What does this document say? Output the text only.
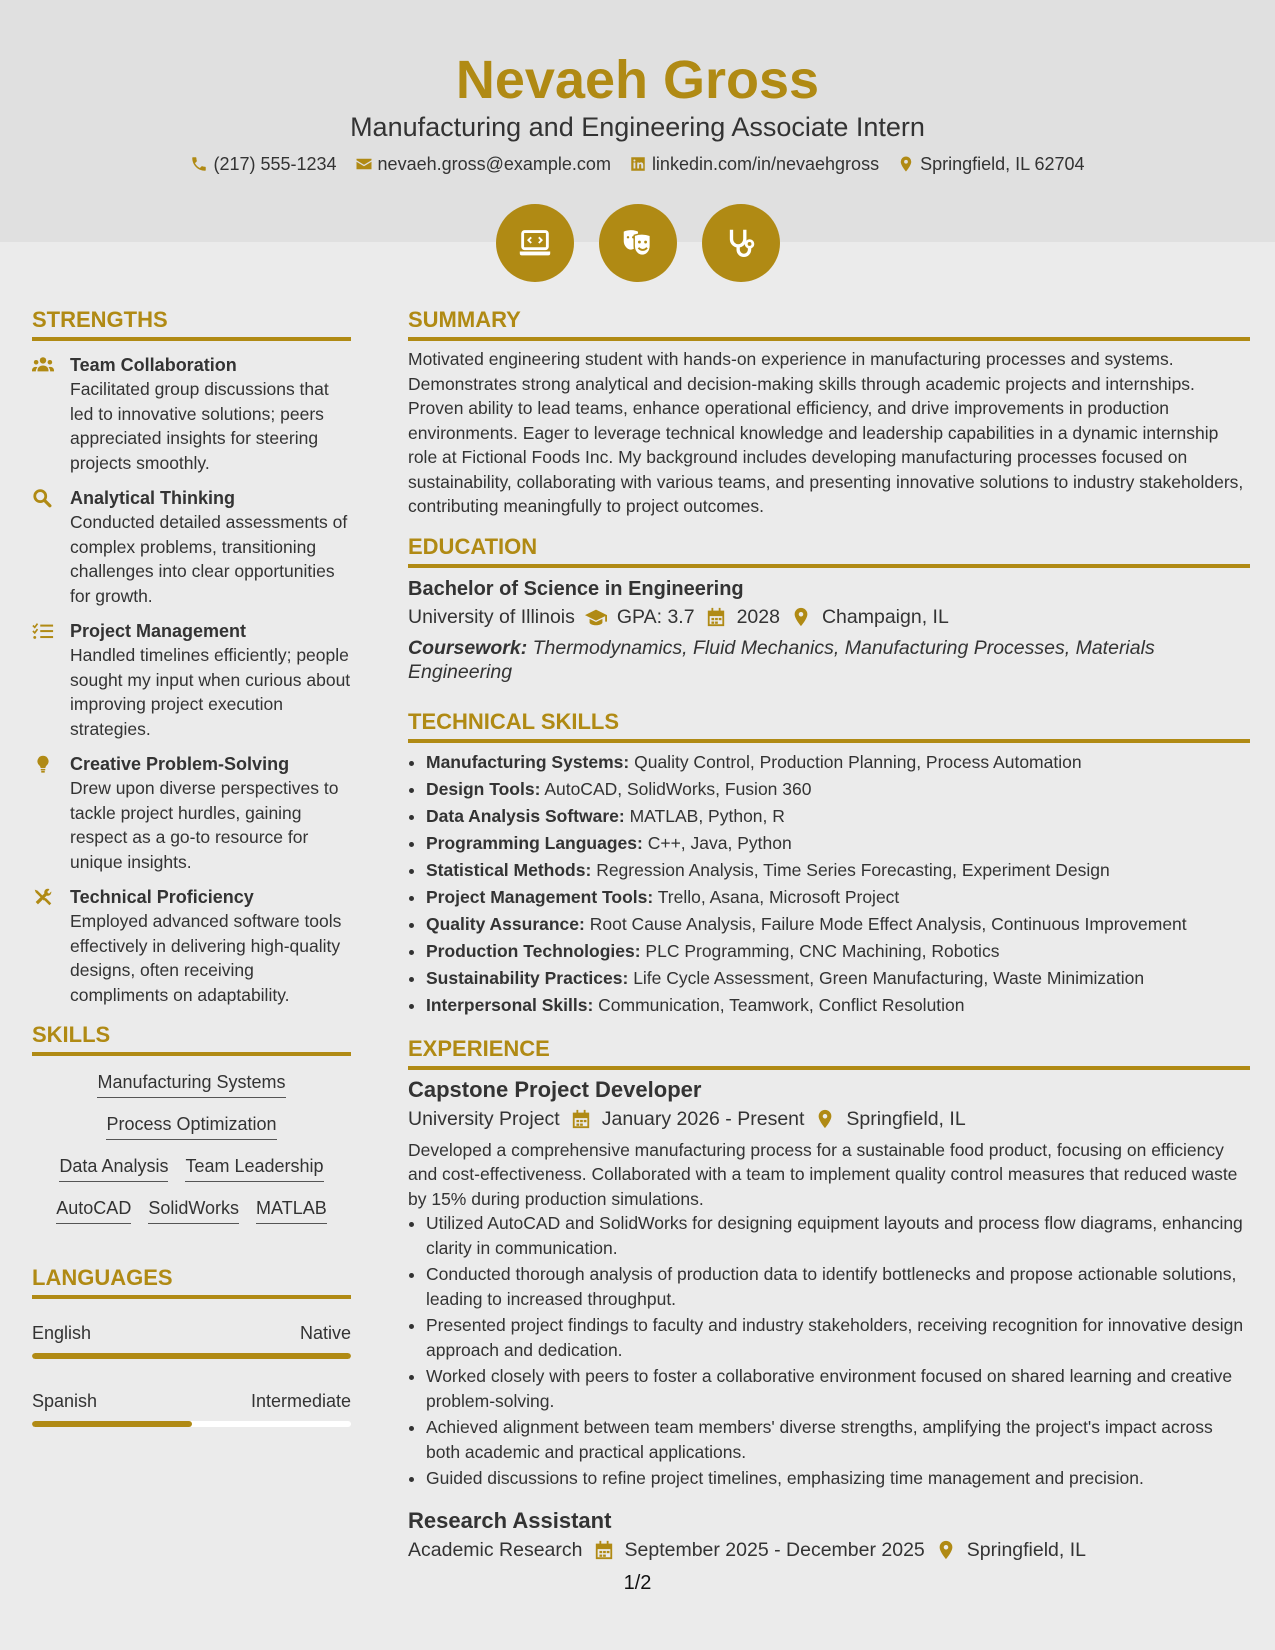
Nevaeh Gross
Manufacturing and Engineering Associate Intern
(217) 555-1234 nevaeh.gross@example.com linkedin.com/in/nevaehgross Springfield, IL 62704
STRENGTHS
Team Collaboration
Facilitated group discussions that led to innovative solutions; peers appreciated insights for steering projects smoothly.
Analytical Thinking
Conducted detailed assessments of complex problems, transitioning challenges into clear opportunities for growth.
Project Management
Handled timelines efficiently; people sought my input when curious about improving project execution strategies.
Creative Problem-Solving
Drew upon diverse perspectives to tackle project hurdles, gaining respect as a go-to resource for unique insights.
Technical Proficiency
Employed advanced software tools effectively in delivering high-quality designs, often receiving compliments on adaptability.
SKILLS
Manufacturing Systems
Process Optimization
Data Analysis Team Leadership
AutoCAD SolidWorks MATLAB
LANGUAGES
English	Native
Spanish	Intermediate
SUMMARY
Motivated engineering student with hands-on experience in manufacturing processes and systems. Demonstrates strong analytical and decision-making skills through academic projects and internships. Proven ability to lead teams, enhance operational efficiency, and drive improvements in production environments. Eager to leverage technical knowledge and leadership capabilities in a dynamic internship role at Fictional Foods Inc. My background includes developing manufacturing processes focused on sustainability, collaborating with various teams, and presenting innovative solutions to industry stakeholders, contributing meaningfully to project outcomes.
EDUCATION
Bachelor of Science in Engineering
University of Illinois GPA: 3.7 2028 Champaign, IL
Coursework: Thermodynamics, Fluid Mechanics, Manufacturing Processes, Materials Engineering
TECHNICAL SKILLS
• Manufacturing Systems: Quality Control, Production Planning, Process Automation
• Design Tools: AutoCAD, SolidWorks, Fusion 360
• Data Analysis Software: MATLAB, Python, R
• Programming Languages: C++, Java, Python
• Statistical Methods: Regression Analysis, Time Series Forecasting, Experiment Design
• Project Management Tools: Trello, Asana, Microsoft Project
• Quality Assurance: Root Cause Analysis, Failure Mode Effect Analysis, Continuous Improvement
• Production Technologies: PLC Programming, CNC Machining, Robotics
• Sustainability Practices: Life Cycle Assessment, Green Manufacturing, Waste Minimization
• Interpersonal Skills: Communication, Teamwork, Conflict Resolution
EXPERIENCE
Capstone Project Developer
University Project January 2026 - Present Springfield, IL
Developed a comprehensive manufacturing process for a sustainable food product, focusing on efficiency and cost-effectiveness. Collaborated with a team to implement quality control measures that reduced waste by 15% during production simulations.
• Utilized AutoCAD and SolidWorks for designing equipment layouts and process flow diagrams, enhancing clarity in communication.
• Conducted thorough analysis of production data to identify bottlenecks and propose actionable solutions, leading to increased throughput.
• Presented project findings to faculty and industry stakeholders, receiving recognition for innovative design approach and dedication.
• Worked closely with peers to foster a collaborative environment focused on shared learning and creative problem-solving.
• Achieved alignment between team members' diverse strengths, amplifying the project's impact across both academic and practical applications.
• Guided discussions to refine project timelines, emphasizing time management and precision.
Research Assistant
Academic Research September 2025 - December 2025 Springfield, IL
1/2
